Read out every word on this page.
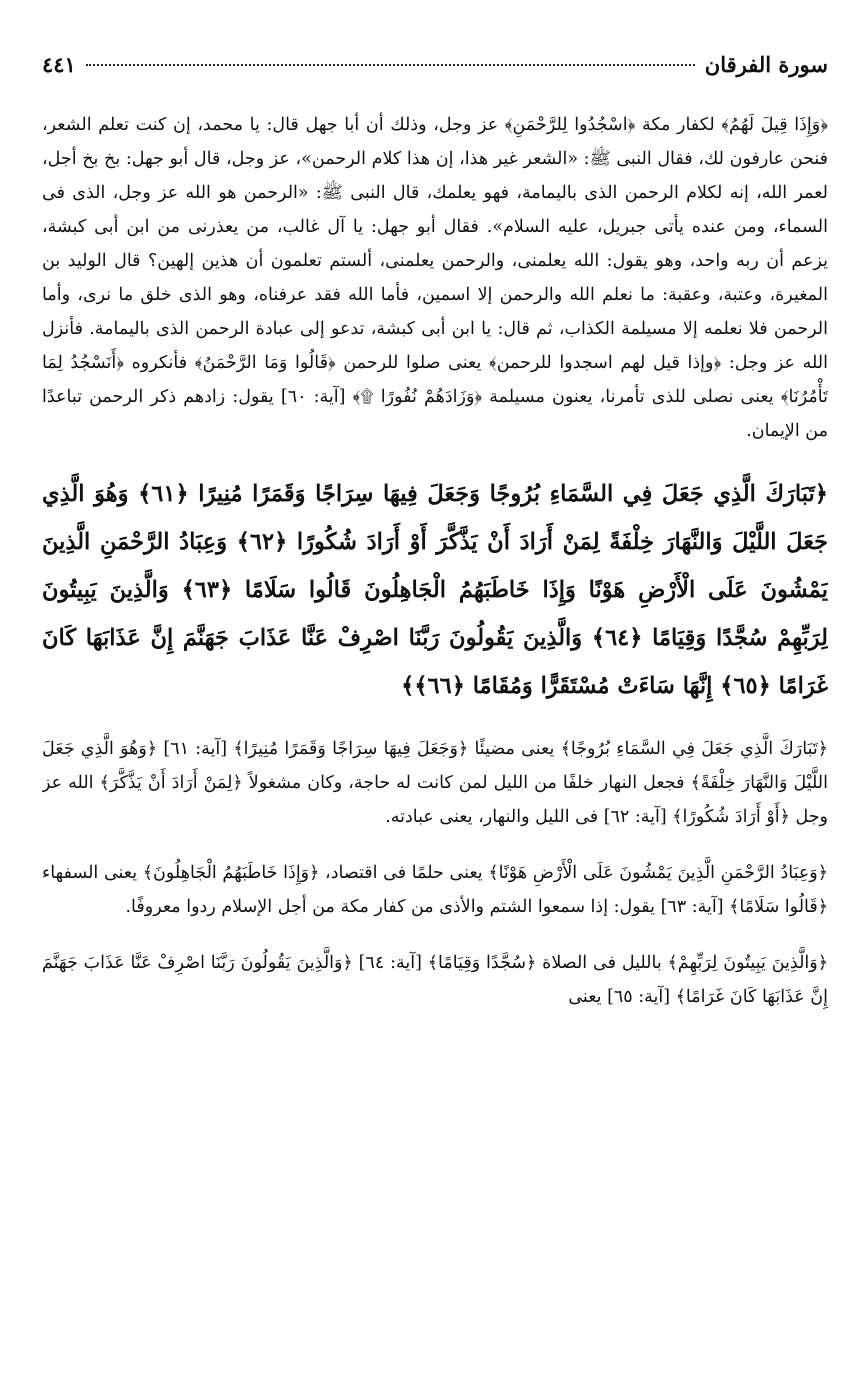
سورة الفرقان
٤٤١

﴿وَإِذَا قِيلَ لَهُمُ﴾ لكفار مكة ﴿اسْجُدُوا لِلرَّحْمَنِ﴾ عز وجل، وذلك أن أبا جهل قال: يا محمد، إن كنت تعلم الشعر، فنحن عارفون لك، فقال النبى ﷺ: «الشعر غير هذا، إن هذا كلام الرحمن»، عز وجل، قال أبو جهل: بخ بخ أجل، لعمر الله، إنه لكلام الرحمن الذى باليمامة، فهو يعلمك، قال النبى ﷺ: «الرحمن هو الله عز وجل، الذى فى السماء، ومن عنده يأتى جبريل، عليه السلام». فقال أبو جهل: يا آل غالب، من يعذرنى من ابن أبى كبشة، يزعم أن ربه واحد، وهو يقول: الله يعلمنى، والرحمن يعلمنى، ألستم تعلمون أن هذين إلهين؟ قال الوليد بن المغيرة، وعتبة، وعقبة: ما نعلم الله والرحمن إلا اسمين، فأما الله فقد عرفناه، وهو الذى خلق ما نرى، وأما الرحمن فلا نعلمه إلا مسيلمة الكذاب، ثم قال: يا ابن أبى كبشة، تدعو إلى عبادة الرحمن الذى باليمامة. فأنزل الله عز وجل: ﴿وإذا قيل لهم اسجدوا للرحمن﴾ يعنى صلوا للرحمن ﴿قَالُوا وَمَا الرَّحْمَنُ﴾ فأنكروه ﴿أَنَسْجُدُ لِمَا تَأْمُرُنَا﴾ يعنى نصلى للذى تأمرنا، يعنون مسيلمة ﴿وَزَادَهُمْ نُفُورًا ۩﴾ [آية: ٦٠] يقول: زادهم ذكر الرحمن تباعدًا من الإيمان.

﴿تَبَارَكَ الَّذِي جَعَلَ فِي السَّمَاءِ بُرُوجًا وَجَعَلَ فِيهَا سِرَاجًا وَقَمَرًا مُنِيرًا ﴿٦١﴾ وَهُوَ الَّذِي جَعَلَ اللَّيْلَ وَالنَّهَارَ خِلْفَةً لِمَنْ أَرَادَ أَنْ يَذَّكَّرَ أَوْ أَرَادَ شُكُورًا ﴿٦٢﴾ وَعِبَادُ الرَّحْمَنِ الَّذِينَ يَمْشُونَ عَلَى الْأَرْضِ هَوْنًا وَإِذَا خَاطَبَهُمُ الْجَاهِلُونَ قَالُوا سَلَامًا ﴿٦٣﴾ وَالَّذِينَ يَبِيتُونَ لِرَبِّهِمْ سُجَّدًا وَقِيَامًا ﴿٦٤﴾ وَالَّذِينَ يَقُولُونَ رَبَّنَا اصْرِفْ عَنَّا عَذَابَ جَهَنَّمَ إِنَّ عَذَابَهَا كَانَ غَرَامًا ﴿٦٥﴾ إِنَّهَا سَاءَتْ مُسْتَقَرًّا وَمُقَامًا ﴿٦٦﴾﴾

﴿تَبَارَكَ الَّذِي جَعَلَ فِي السَّمَاءِ بُرُوجًا﴾ يعنى مضيئًا ﴿وَجَعَلَ فِيهَا سِرَاجًا وَقَمَرًا مُنِيرًا﴾ [آية: ٦١] ﴿وَهُوَ الَّذِي جَعَلَ اللَّيْلَ وَالنَّهَارَ خِلْفَةً﴾ فجعل النهار خلفًا من الليل لمن كانت له حاجة، وكان مشغولاً ﴿لِمَنْ أَرَادَ أَنْ يَذَّكَّرَ﴾ الله عز وجل ﴿أَوْ أَرَادَ شُكُورًا﴾ [آية: ٦٢] فى الليل والنهار، يعنى عبادته.

﴿وَعِبَادُ الرَّحْمَنِ الَّذِينَ يَمْشُونَ عَلَى الْأَرْضِ هَوْنًا﴾ يعنى حلمًا فى اقتصاد، ﴿وَإِذَا خَاطَبَهُمُ الْجَاهِلُونَ﴾ يعنى السفهاء ﴿قَالُوا سَلَامًا﴾ [آية: ٦٣] يقول: إذا سمعوا الشتم والأذى من كفار مكة من أجل الإسلام ردوا معروفًا.

﴿وَالَّذِينَ يَبِيتُونَ لِرَبِّهِمْ﴾ بالليل فى الصلاة ﴿سُجَّدًا وَقِيَامًا﴾ [آية: ٦٤] ﴿وَالَّذِينَ يَقُولُونَ رَبَّنَا اصْرِفْ عَنَّا عَذَابَ جَهَنَّمَ إِنَّ عَذَابَهَا كَانَ غَرَامًا﴾ [آية: ٦٥] يعنى
